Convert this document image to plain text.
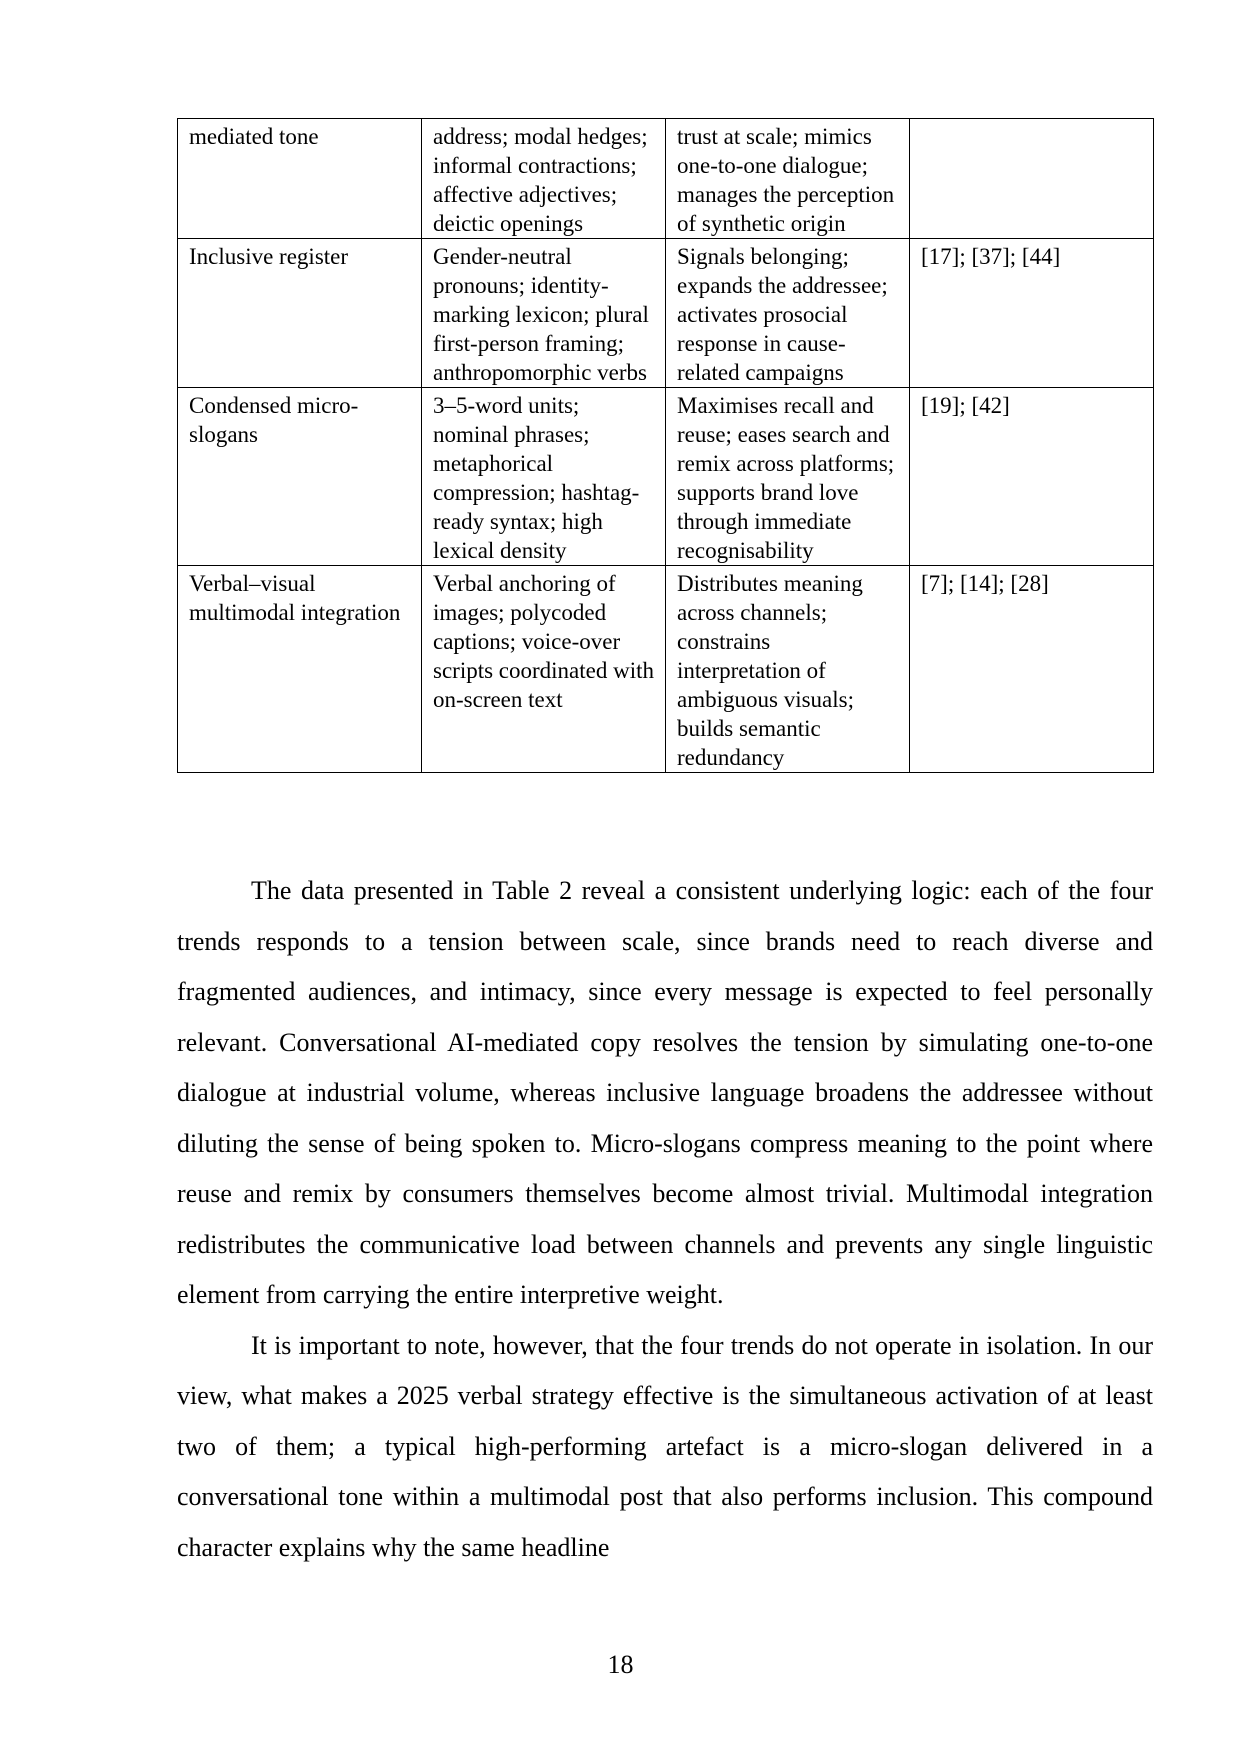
mediated tone	address; modal hedges; informal contractions; affective adjectives; deictic openings	trust at scale; mimics one-to-one dialogue; manages the perception of synthetic origin	
Inclusive register	Gender-neutral pronouns; identity-marking lexicon; plural first-person framing; anthropomorphic verbs	Signals belonging; expands the addressee; activates prosocial response in cause-related campaigns	[17]; [37]; [44]
Condensed micro-slogans	3–5-word units; nominal phrases; metaphorical compression; hashtag-ready syntax; high lexical density	Maximises recall and reuse; eases search and remix across platforms; supports brand love through immediate recognisability	[19]; [42]
Verbal–visual multimodal integration	Verbal anchoring of images; polycoded captions; voice-over scripts coordinated with on-screen text	Distributes meaning across channels; constrains interpretation of ambiguous visuals; builds semantic redundancy	[7]; [14]; [28]

The data presented in Table 2 reveal a consistent underlying logic: each of the four trends responds to a tension between scale, since brands need to reach diverse and fragmented audiences, and intimacy, since every message is expected to feel personally relevant. Conversational AI-mediated copy resolves the tension by simulating one-to-one dialogue at industrial volume, whereas inclusive language broadens the addressee without diluting the sense of being spoken to. Micro-slogans compress meaning to the point where reuse and remix by consumers themselves become almost trivial. Multimodal integration redistributes the communicative load between channels and prevents any single linguistic element from carrying the entire interpretive weight.

It is important to note, however, that the four trends do not operate in isolation. In our view, what makes a 2025 verbal strategy effective is the simultaneous activation of at least two of them; a typical high-performing artefact is a micro-slogan delivered in a conversational tone within a multimodal post that also performs inclusion. This compound character explains why the same headline

18
